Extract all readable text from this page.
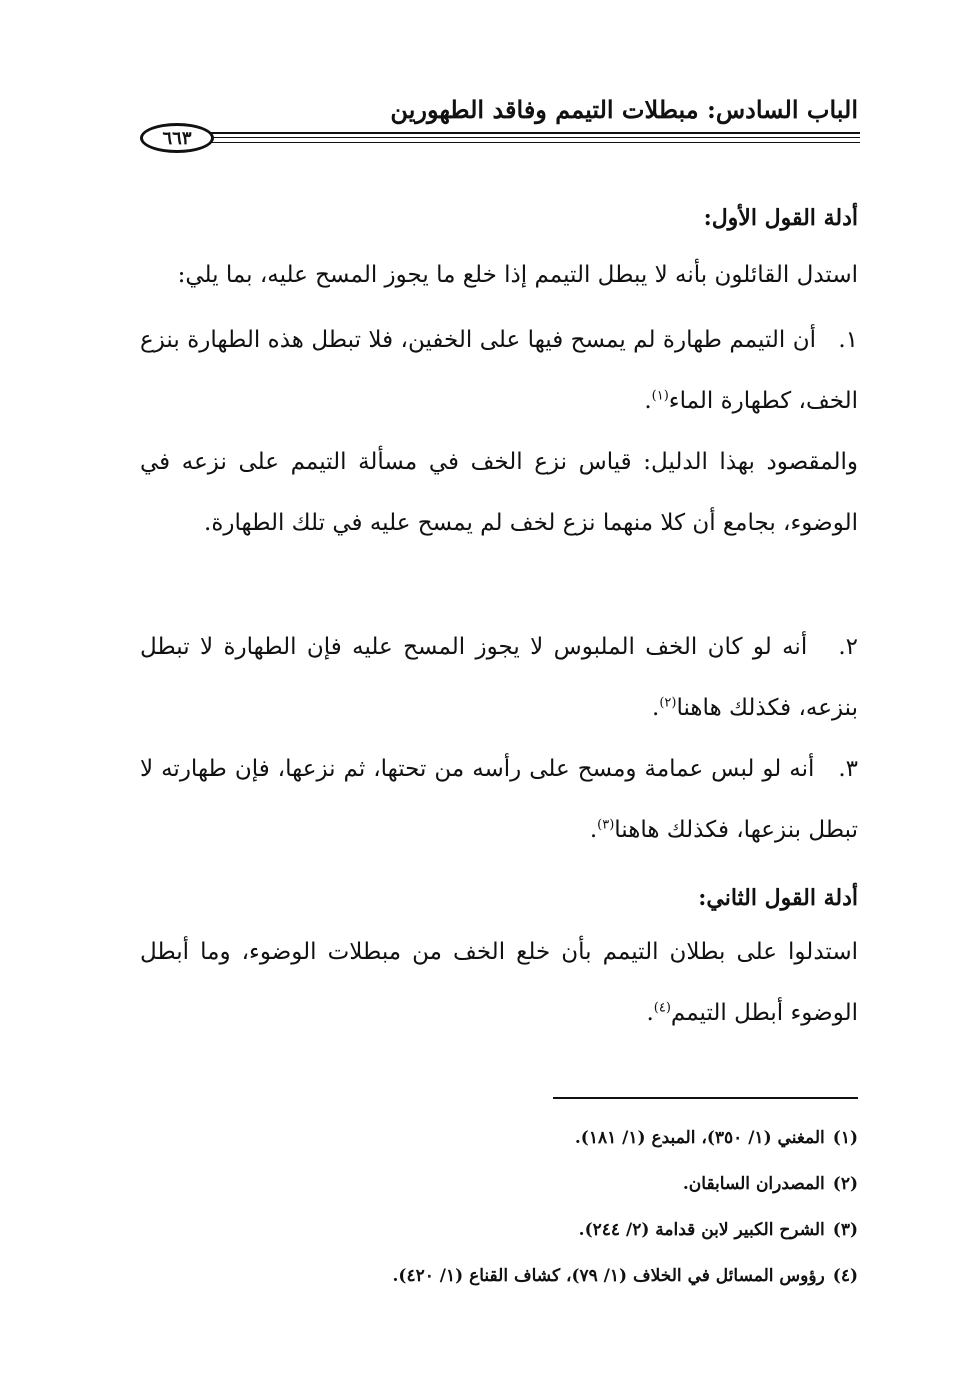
الباب السادس: مبطلات التيمم وفاقد الطهورين
٦٦٣
أدلة القول الأول:
استدل القائلون بأنه لا يبطل التيمم إذا خلع ما يجوز المسح عليه، بما يلي:
١.   أن التيمم طهارة لم يمسح فيها على الخفين، فلا تبطل هذه الطهارة بنزع الخف، كطهارة الماء$^{(١)}$.
والمقصود بهذا الدليل: قياس نزع الخف في مسألة التيمم على نزعه في الوضوء، بجامع أن كلا منهما نزع لخف لم يمسح عليه في تلك الطهارة.
٢.   أنه لو كان الخف الملبوس لا يجوز المسح عليه فإن الطهارة لا تبطل بنزعه، فكذلك هاهنا$^{(٢)}$.
٣.   أنه لو لبس عمامة ومسح على رأسه من تحتها، ثم نزعها، فإن طهارته لا تبطل بنزعها، فكذلك هاهنا$^{(٣)}$.
أدلة القول الثاني:
استدلوا على بطلان التيمم بأن خلع الخف من مبطلات الوضوء، وما أبطل الوضوء أبطل التيمم$^{(٤)}$.
(١)المغني (١/ ٣٥٠)، المبدع (١/ ١٨١).
(٢)المصدران السابقان.
(٣)الشرح الكبير لابن قدامة (٢/ ٢٤٤).
(٤)رؤوس المسائل في الخلاف (١/ ٧٩)، كشاف القناع (١/ ٤٢٠).
